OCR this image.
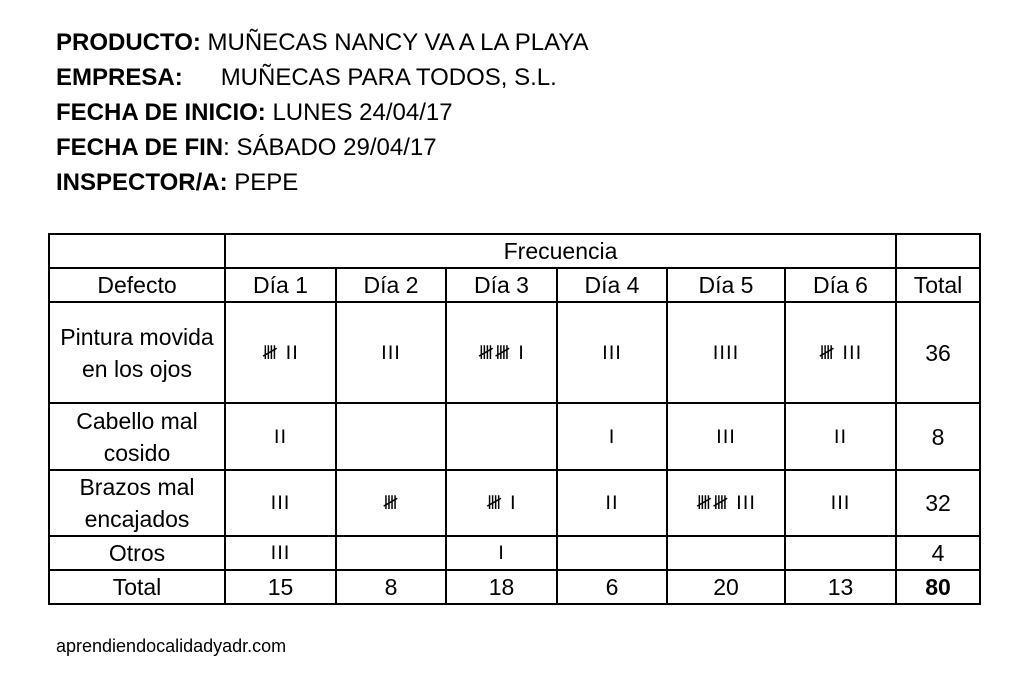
PRODUCTO: MUÑECAS NANCY VA A LA PLAYA
EMPRESA: MUÑECAS PARA TODOS, S.L.
FECHA DE INICIO: LUNES 24/04/17
FECHA DE FIN: SÁBADO 29/04/17
INSPECTOR/A: PEPE
	Frecuencia						
Defecto	Día 1	Día 2	Día 3	Día 4	Día 5	Día 6	Total
Pintura movida en los ojos	𝍸 II	III	𝍸𝍸 I	III	IIII	𝍸 III	36
Cabello mal cosido	II			I	III	II	8
Brazos mal encajados	III	𝍸	𝍸 I	II	𝍸𝍸 III	III	32
Otros	III		I				4
Total	15	8	18	6	20	13	80
aprendiendocalidadyadr.com
